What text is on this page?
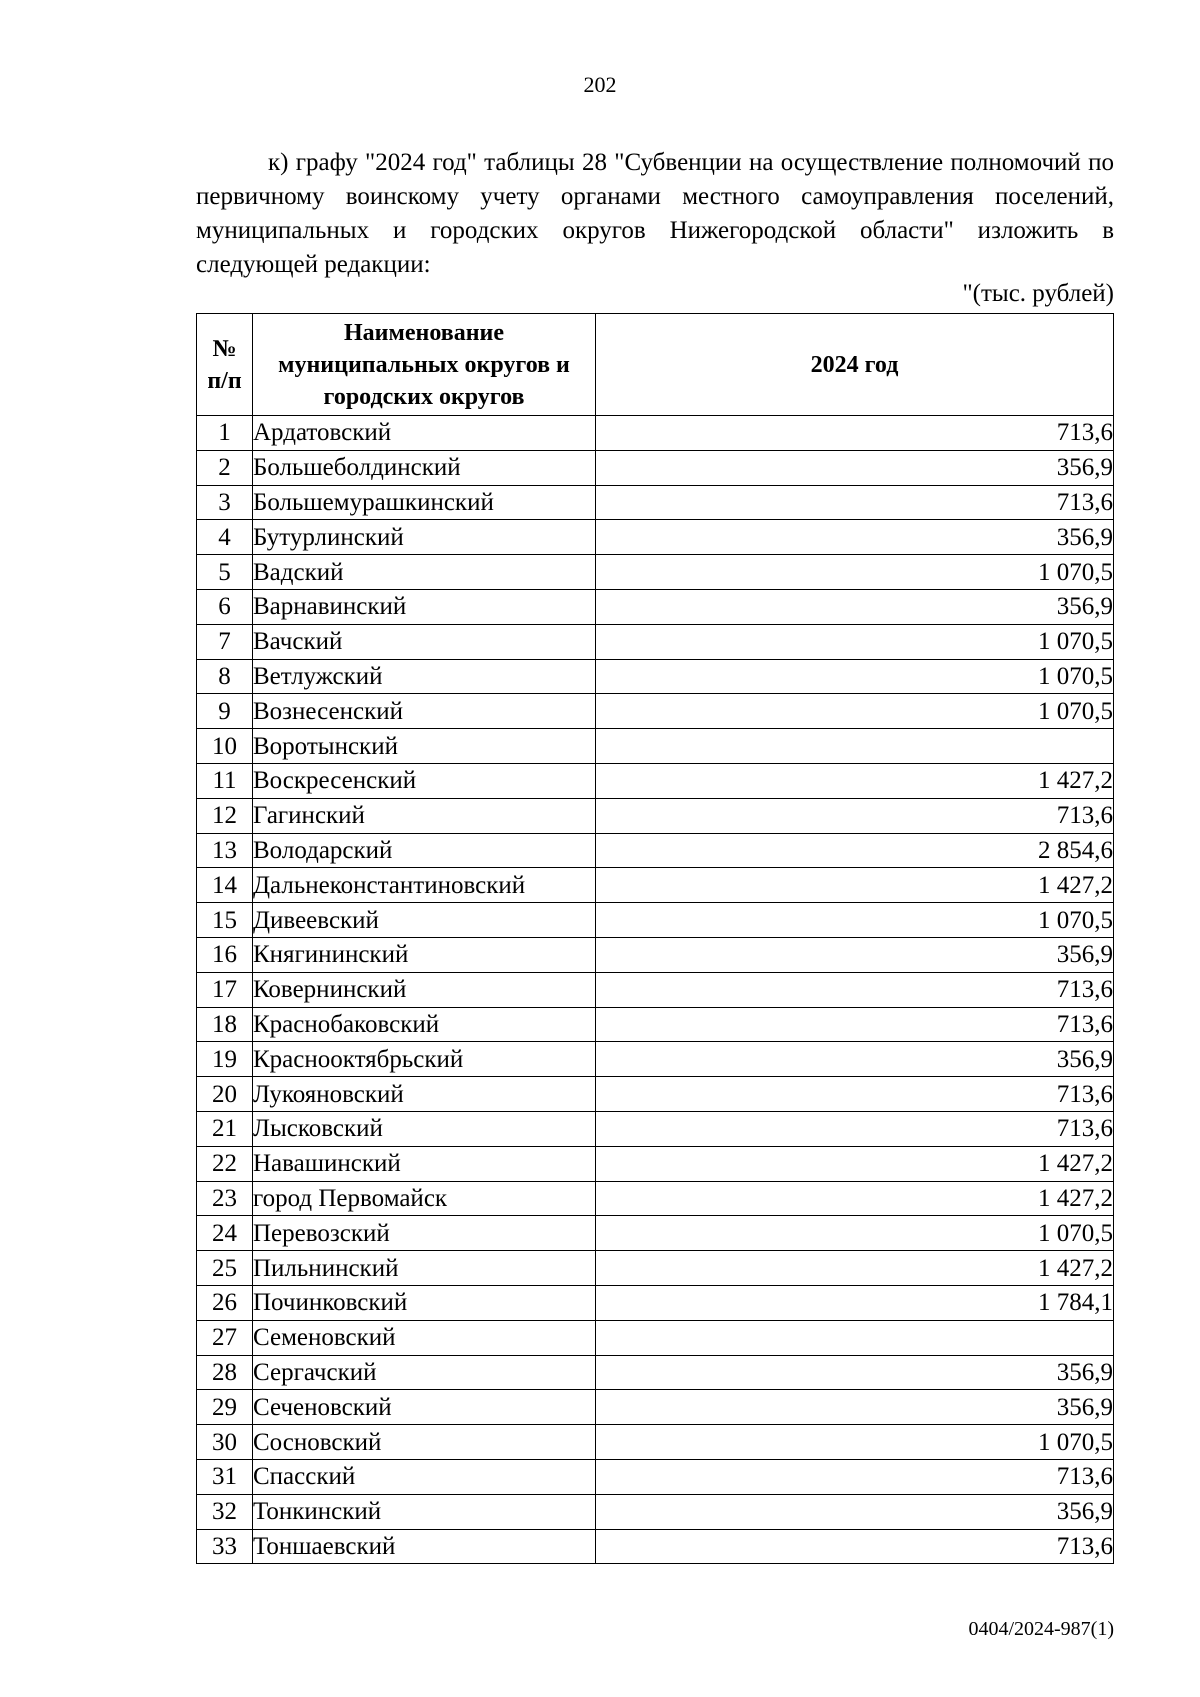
202
к) графу "2024 год" таблицы 28 "Субвенции на осуществление полномочий по первичному воинскому учету органами местного самоуправления поселений, муниципальных и городских округов Нижегородской области" изложить в следующей редакции:
"(тыс. рублей)
№ п/п	Наименование муниципальных округов и городских округов	2024 год
1	Ардатовский	713,6
2	Большеболдинский	356,9
3	Большемурашкинский	713,6
4	Бутурлинский	356,9
5	Вадский	1 070,5
6	Варнавинский	356,9
7	Вачский	1 070,5
8	Ветлужский	1 070,5
9	Вознесенский	1 070,5
10	Воротынский	
11	Воскресенский	1 427,2
12	Гагинский	713,6
13	Володарский	2 854,6
14	Дальнеконстантиновский	1 427,2
15	Дивеевский	1 070,5
16	Княгининский	356,9
17	Ковернинский	713,6
18	Краснобаковский	713,6
19	Краснооктябрьский	356,9
20	Лукояновский	713,6
21	Лысковский	713,6
22	Навашинский	1 427,2
23	город Первомайск	1 427,2
24	Перевозский	1 070,5
25	Пильнинский	1 427,2
26	Починковский	1 784,1
27	Семеновский	
28	Сергачский	356,9
29	Сеченовский	356,9
30	Сосновский	1 070,5
31	Спасский	713,6
32	Тонкинский	356,9
33	Тоншаевский	713,6
0404/2024-987(1)
